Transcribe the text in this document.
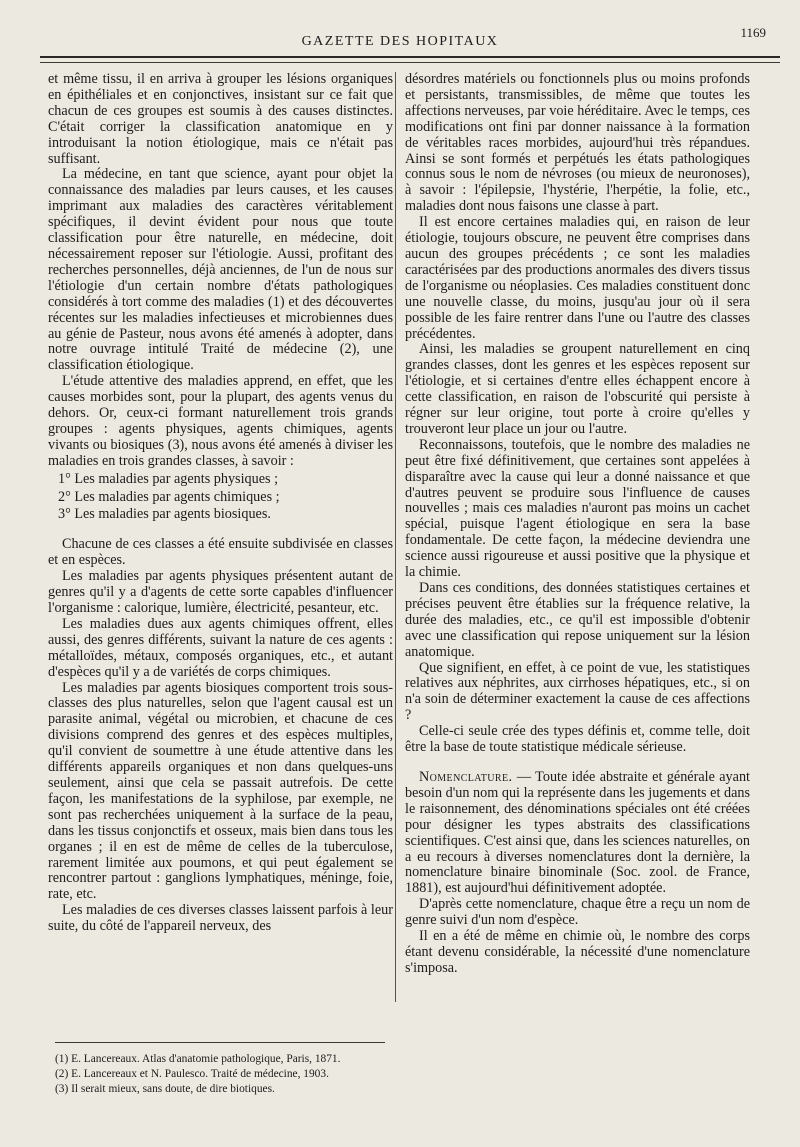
GAZETTE DES HOPITAUX
1169

et même tissu, il en arriva à grouper les lésions organiques en épithéliales et en conjonctives, insistant sur ce fait que chacun de ces groupes est soumis à des causes distinctes. C'était corriger la classification anatomique en y introduisant la notion étiologique, mais ce n'était pas suffisant.

La médecine, en tant que science, ayant pour objet la connaissance des maladies par leurs causes, et les causes imprimant aux maladies des caractères véritablement spécifiques, il devint évident pour nous que toute classification pour être naturelle, en médecine, doit nécessairement reposer sur l'étiologie. Aussi, profitant des recherches personnelles, déjà anciennes, de l'un de nous sur l'étiologie d'un certain nombre d'états pathologiques considérés à tort comme des maladies (1) et des découvertes récentes sur les maladies infectieuses et microbiennes dues au génie de Pasteur, nous avons été amenés à adopter, dans notre ouvrage intitulé Traité de médecine (2), une classification étiologique.

L'étude attentive des maladies apprend, en effet, que les causes morbides sont, pour la plupart, des agents venus du dehors. Or, ceux-ci formant naturellement trois grands groupes : agents physiques, agents chimiques, agents vivants ou biosiques (3), nous avons été amenés à diviser les maladies en trois grandes classes, à savoir :

1° Les maladies par agents physiques ;
2° Les maladies par agents chimiques ;
3° Les maladies par agents biosiques.

Chacune de ces classes a été ensuite subdivisée en classes et en espèces.

Les maladies par agents physiques présentent autant de genres qu'il y a d'agents de cette sorte capables d'influencer l'organisme : calorique, lumière, électricité, pesanteur, etc.

Les maladies dues aux agents chimiques offrent, elles aussi, des genres différents, suivant la nature de ces agents : métalloïdes, métaux, composés organiques, etc., et autant d'espèces qu'il y a de variétés de corps chimiques.

Les maladies par agents biosiques comportent trois sous-classes des plus naturelles, selon que l'agent causal est un parasite animal, végétal ou microbien, et chacune de ces divisions comprend des genres et des espèces multiples, qu'il convient de soumettre à une étude attentive dans les différents appareils organiques et non dans quelques-uns seulement, ainsi que cela se passait autrefois. De cette façon, les manifestations de la syphilose, par exemple, ne sont pas recherchées uniquement à la surface de la peau, dans les tissus conjonctifs et osseux, mais bien dans tous les organes ; il en est de même de celles de la tuberculose, rarement limitée aux poumons, et qui peut également se rencontrer partout : ganglions lymphatiques, méninge, foie, rate, etc.

Les maladies de ces diverses classes laissent parfois à leur suite, du côté de l'appareil nerveux, des

désordres matériels ou fonctionnels plus ou moins profonds et persistants, transmissibles, de même que toutes les affections nerveuses, par voie héréditaire. Avec le temps, ces modifications ont fini par donner naissance à la formation de véritables races morbides, aujourd'hui très répandues. Ainsi se sont formés et perpétués les états pathologiques connus sous le nom de névroses (ou mieux de neuronoses), à savoir : l'épilepsie, l'hystérie, l'herpétie, la folie, etc., maladies dont nous faisons une classe à part.

Il est encore certaines maladies qui, en raison de leur étiologie, toujours obscure, ne peuvent être comprises dans aucun des groupes précédents ; ce sont les maladies caractérisées par des productions anormales des divers tissus de l'organisme ou néoplasies. Ces maladies constituent donc une nouvelle classe, du moins, jusqu'au jour où il sera possible de les faire rentrer dans l'une ou l'autre des classes précédentes.

Ainsi, les maladies se groupent naturellement en cinq grandes classes, dont les genres et les espèces reposent sur l'étiologie, et si certaines d'entre elles échappent encore à cette classification, en raison de l'obscurité qui persiste à régner sur leur origine, tout porte à croire qu'elles y trouveront leur place un jour ou l'autre.

Reconnaissons, toutefois, que le nombre des maladies ne peut être fixé définitivement, que certaines sont appelées à disparaître avec la cause qui leur a donné naissance et que d'autres peuvent se produire sous l'influence de causes nouvelles ; mais ces maladies n'auront pas moins un cachet spécial, puisque l'agent étiologique en sera la base fondamentale. De cette façon, la médecine deviendra une science aussi rigoureuse et aussi positive que la physique et la chimie.

Dans ces conditions, des données statistiques certaines et précises peuvent être établies sur la fréquence relative, la durée des maladies, etc., ce qu'il est impossible d'obtenir avec une classification qui repose uniquement sur la lésion anatomique.

Que signifient, en effet, à ce point de vue, les statistiques relatives aux néphrites, aux cirrhoses hépatiques, etc., si on n'a soin de déterminer exactement la cause de ces affections ?

Celle-ci seule crée des types définis et, comme telle, doit être la base de toute statistique médicale sérieuse.

Nomenclature. — Toute idée abstraite et générale ayant besoin d'un nom qui la représente dans les jugements et dans le raisonnement, des dénominations spéciales ont été créées pour désigner les types abstraits des classifications scientifiques. C'est ainsi que, dans les sciences naturelles, on a eu recours à diverses nomenclatures dont la dernière, la nomenclature binaire binominale (Soc. zool. de France, 1881), est aujourd'hui définitivement adoptée.

D'après cette nomenclature, chaque être a reçu un nom de genre suivi d'un nom d'espèce.

Il en a été de même en chimie où, le nombre des corps étant devenu considérable, la nécessité d'une nomenclature s'imposa.

(1) E. Lancereaux. Atlas d'anatomie pathologique, Paris, 1871.
(2) E. Lancereaux et N. Paulesco. Traité de médecine, 1903.
(3) Il serait mieux, sans doute, de dire biotiques.
